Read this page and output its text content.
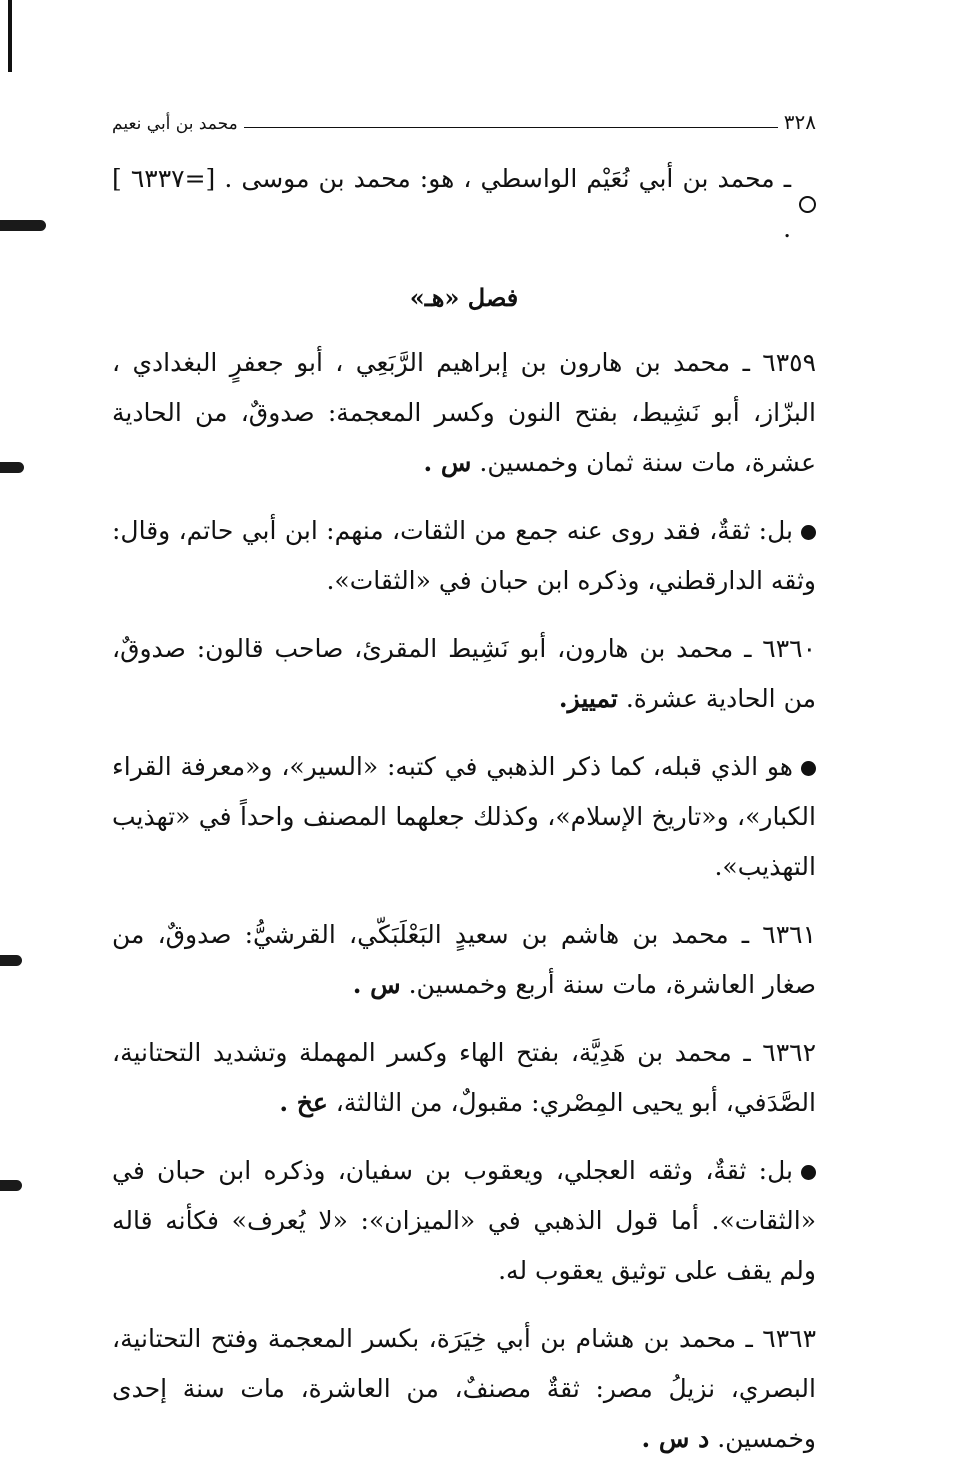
٣٢٨
محمد بن أبي نعيم
ـ محمد بن أبي نُعَيْم الواسطي ، هو: محمد بن موسى . [=٦٣٣٧ ] .
فصل «هـ»
٦٣٥٩ ـ محمد بن هارون بن إبراهيم الرَّبَعِي ، أبو جعفرٍ البغدادي ، البزّاز، أبو نَشِيط، بفتح النون وكسر المعجمة: صدوقٌ، من الحادية عشرة، مات سنة ثمان وخمسين. س .
بل: ثقةٌ، فقد روى عنه جمع من الثقات، منهم: ابن أبي حاتم، وقال: وثقه الدارقطني، وذكره ابن حبان في «الثقات».
٦٣٦٠ ـ محمد بن هارون، أبو نَشِيط المقرئ، صاحب قالون: صدوقٌ، من الحادية عشرة. تمييز.
هو الذي قبله، كما ذكر الذهبي في كتبه: «السير»، و«معرفة القراء الكبار»، و«تاريخ الإسلام»، وكذلك جعلهما المصنف واحداً في «تهذيب التهذيب».
٦٣٦١ ـ محمد بن هاشم بن سعيدٍ البَعْلَبَكّي، القرشيُّ: صدوقٌ، من صغار العاشرة، مات سنة أربع وخمسين. س .
٦٣٦٢ ـ محمد بن هَدِيَّة، بفتح الهاء وكسر المهملة وتشديد التحتانية، الصَّدَفي، أبو يحيى المِصْري: مقبولٌ، من الثالثة، عخ .
بل: ثقةٌ، وثقه العجلي، ويعقوب بن سفيان، وذكره ابن حبان في «الثقات». أما قول الذهبي في «الميزان»: «لا يُعرف» فكأنه قاله ولم يقف على توثيق يعقوب له.
٦٣٦٣ ـ محمد بن هشام بن أبي خِيَرَة، بكسر المعجمة وفتح التحتانية، البصري، نزيلُ مصر: ثقةٌ مصنفٌ، من العاشرة، مات سنة إحدى وخمسين. د س .
